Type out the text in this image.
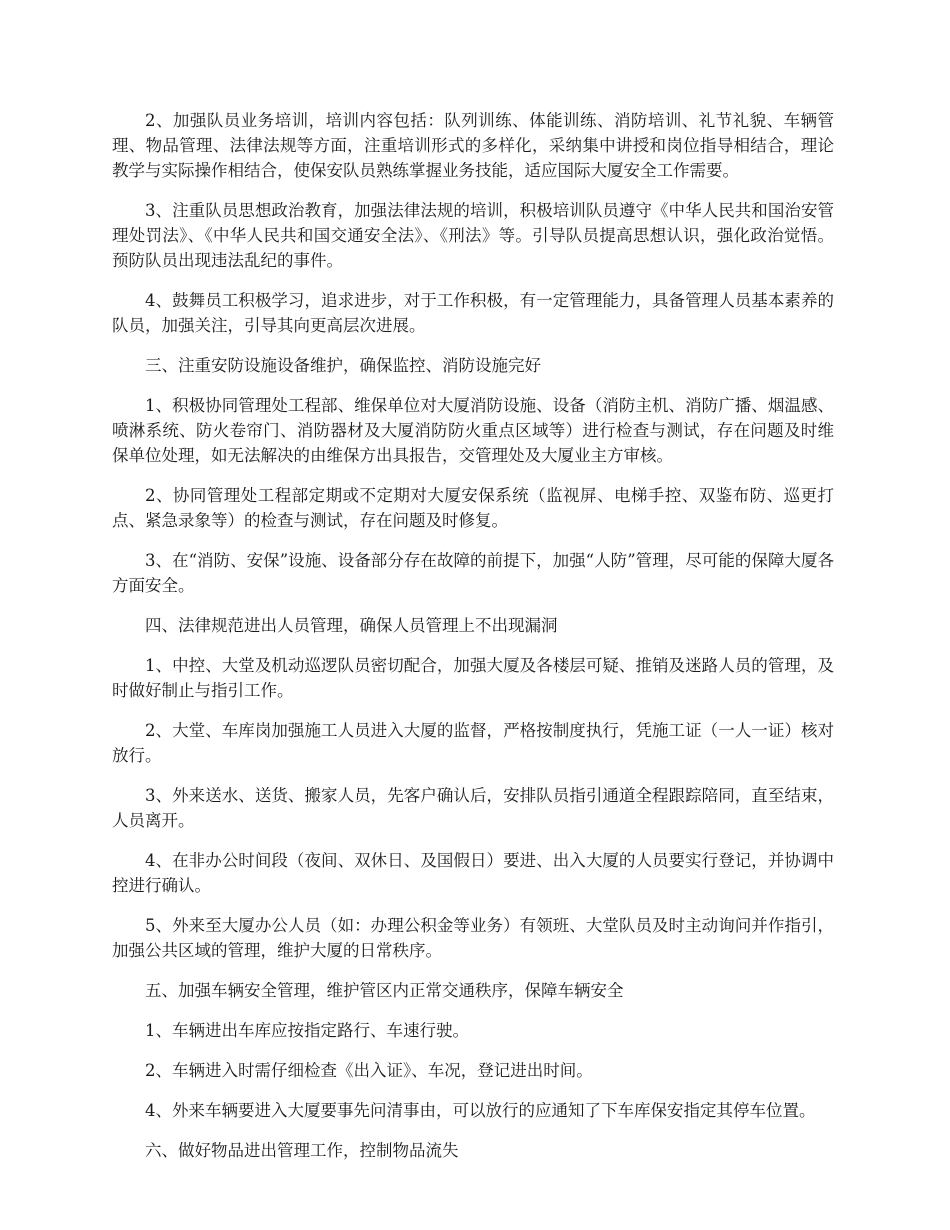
2、加强队员业务培训，培训内容包括：队列训练、体能训练、消防培训、礼节礼貌、车辆管理、物品管理、法律法规等方面，注重培训形式的多样化，采纳集中讲授和岗位指导相结合，理论教学与实际操作相结合，使保安队员熟练掌握业务技能，适应国际大厦安全工作需要。

3、注重队员思想政治教育，加强法律法规的培训，积极培训队员遵守《中华人民共和国治安管理处罚法》、《中华人民共和国交通安全法》、《刑法》等。引导队员提高思想认识，强化政治觉悟。预防队员出现违法乱纪的事件。

4、鼓舞员工积极学习，追求进步，对于工作积极，有一定管理能力，具备管理人员基本素养的队员，加强关注，引导其向更高层次进展。

三、注重安防设施设备维护，确保监控、消防设施完好

1、积极协同管理处工程部、维保单位对大厦消防设施、设备（消防主机、消防广播、烟温感、喷淋系统、防火卷帘门、消防器材及大厦消防防火重点区域等）进行检查与测试，存在问题及时维保单位处理，如无法解决的由维保方出具报告，交管理处及大厦业主方审核。

2、协同管理处工程部定期或不定期对大厦安保系统（监视屏、电梯手控、双鉴布防、巡更打点、紧急录象等）的检查与测试，存在问题及时修复。

3、在“消防、安保”设施、设备部分存在故障的前提下，加强“人防”管理，尽可能的保障大厦各方面安全。

四、法律规范进出人员管理，确保人员管理上不出现漏洞

1、中控、大堂及机动巡逻队员密切配合，加强大厦及各楼层可疑、推销及迷路人员的管理，及时做好制止与指引工作。

2、大堂、车库岗加强施工人员进入大厦的监督，严格按制度执行，凭施工证（一人一证）核对放行。

3、外来送水、送货、搬家人员，先客户确认后，安排队员指引通道全程跟踪陪同，直至结束，人员离开。

4、在非办公时间段（夜间、双休日、及国假日）要进、出入大厦的人员要实行登记，并协调中控进行确认。

5、外来至大厦办公人员（如：办理公积金等业务）有领班、大堂队员及时主动询问并作指引，加强公共区域的管理，维护大厦的日常秩序。

五、加强车辆安全管理，维护管区内正常交通秩序，保障车辆安全

1、车辆进出车库应按指定路行、车速行驶。

2、车辆进入时需仔细检查《出入证》、车况，登记进出时间。

4、外来车辆要进入大厦要事先问清事由，可以放行的应通知了下车库保安指定其停车位置。

六、做好物品进出管理工作，控制物品流失
